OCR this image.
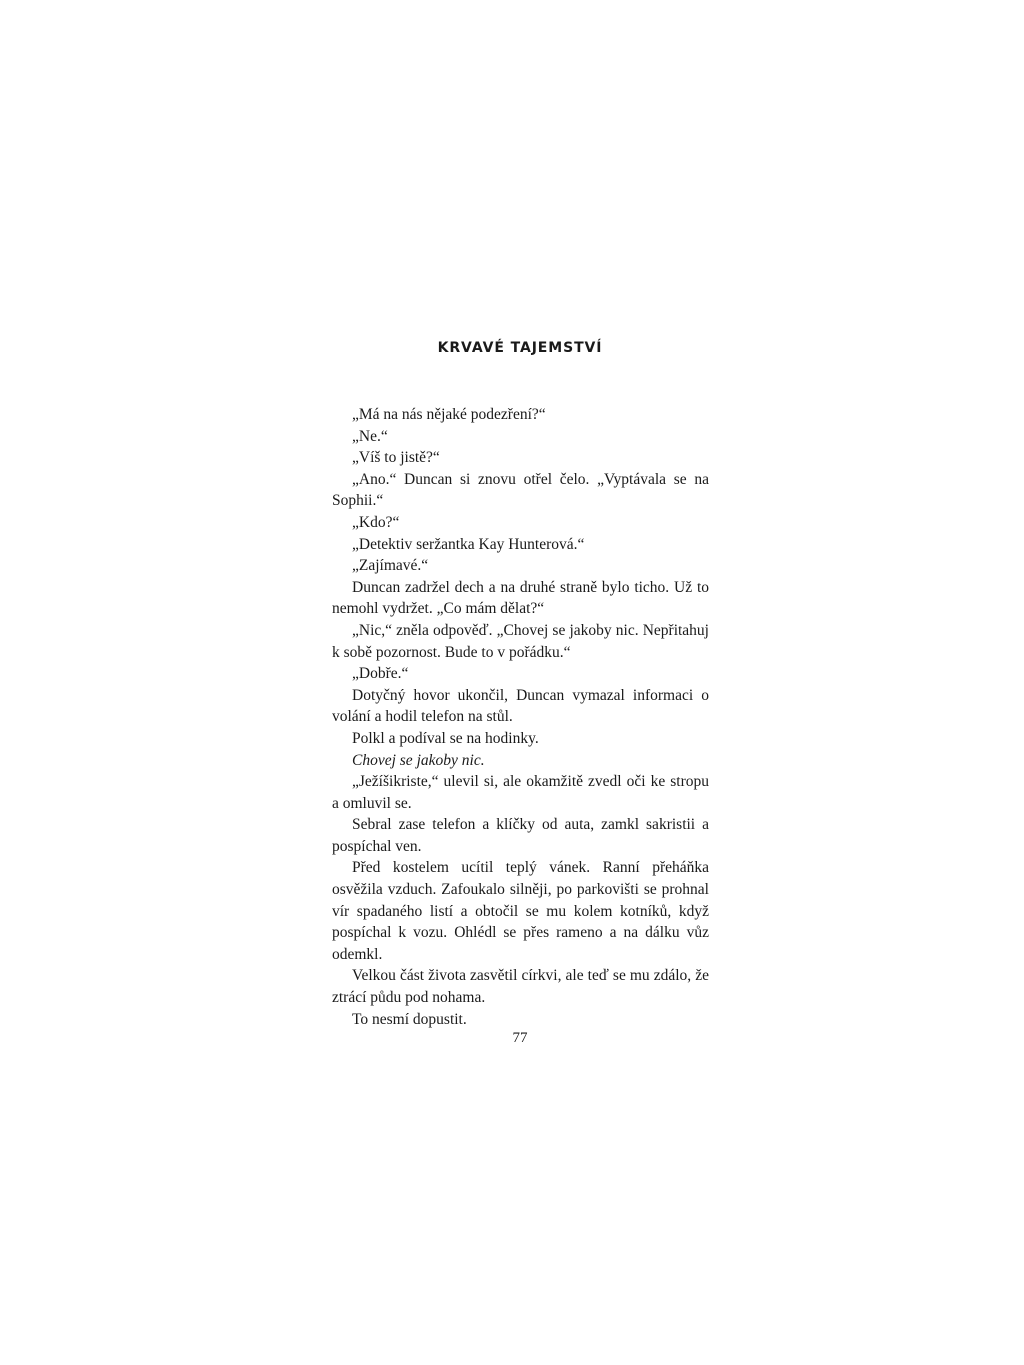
KRVAVÉ TAJEMSTVÍ

„Má na nás nějaké podezření?“

„Ne.“

„Víš to jistě?“

„Ano.“ Duncan si znovu otřel čelo. „Vyptávala se na Sophii.“

„Kdo?“

„Detektiv seržantka Kay Hunterová.“

„Zajímavé.“

Duncan zadržel dech a na druhé straně bylo ticho. Už to nemohl vydržet. „Co mám dělat?“

„Nic,“ zněla odpověď. „Chovej se jakoby nic. Nepřitahuj k sobě pozornost. Bude to v pořádku.“

„Dobře.“

Dotyčný hovor ukončil, Duncan vymazal informaci o volání a hodil telefon na stůl.

Polkl a podíval se na hodinky.

Chovej se jakoby nic.

„Ježíšikriste,“ ulevil si, ale okamžitě zvedl oči ke stropu a omluvil se.

Sebral zase telefon a klíčky od auta, zamkl sakristii a pospíchal ven.

Před kostelem ucítil teplý vánek. Ranní přeháňka osvěžila vzduch. Zafoukalo silněji, po parkovišti se prohnal vír spadaného listí a obtočil se mu kolem kotníků, když pospíchal k vozu. Ohlédl se přes rameno a na dálku vůz odemkl.

Velkou část života zasvětil církvi, ale teď se mu zdálo, že ztrácí půdu pod nohama.

To nesmí dopustit.

77
